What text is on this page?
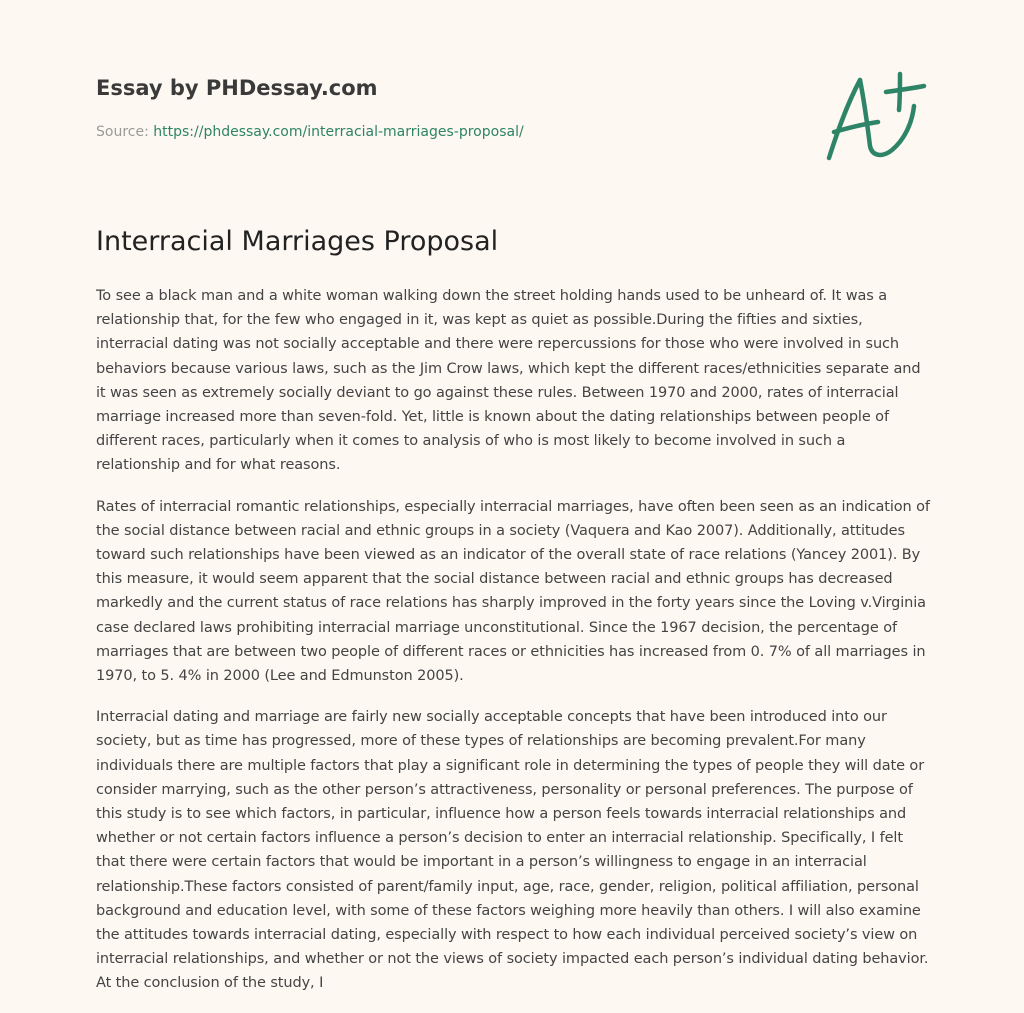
Essay by PHDessay.com
Source: https://phdessay.com/interracial-marriages-proposal/
Interracial Marriages Proposal

To see a black man and a white woman walking down the street holding hands used to be unheard of. It was a relationship that, for the few who engaged in it, was kept as quiet as possible.During the fifties and sixties, interracial dating was not socially acceptable and there were repercussions for those who were involved in such behaviors because various laws, such as the Jim Crow laws, which kept the different races/ethnicities separate and it was seen as extremely socially deviant to go against these rules. Between 1970 and 2000, rates of interracial marriage increased more than seven-fold. Yet, little is known about the dating relationships between people of different races, particularly when it comes to analysis of who is most likely to become involved in such a relationship and for what reasons.

Rates of interracial romantic relationships, especially interracial marriages, have often been seen as an indication of the social distance between racial and ethnic groups in a society (Vaquera and Kao 2007). Additionally, attitudes toward such relationships have been viewed as an indicator of the overall state of race relations (Yancey 2001). By this measure, it would seem apparent that the social distance between racial and ethnic groups has decreased markedly and the current status of race relations has sharply improved in the forty years since the Loving v.Virginia case declared laws prohibiting interracial marriage unconstitutional. Since the 1967 decision, the percentage of marriages that are between two people of different races or ethnicities has increased from 0. 7% of all marriages in 1970, to 5. 4% in 2000 (Lee and Edmunston 2005).

Interracial dating and marriage are fairly new socially acceptable concepts that have been introduced into our society, but as time has progressed, more of these types of relationships are becoming prevalent.For many individuals there are multiple factors that play a significant role in determining the types of people they will date or consider marrying, such as the other person’s attractiveness, personality or personal preferences. The purpose of this study is to see which factors, in particular, influence how a person feels towards interracial relationships and whether or not certain factors influence a person’s decision to enter an interracial relationship. Specifically, I felt that there were certain factors that would be important in a person’s willingness to engage in an interracial relationship.These factors consisted of parent/family input, age, race, gender, religion, political affiliation, personal background and education level, with some of these factors weighing more heavily than others. I will also examine the attitudes towards interracial dating, especially with respect to how each individual perceived society’s view on interracial relationships, and whether or not the views of society impacted each person’s individual dating behavior. At the conclusion of the study, I
